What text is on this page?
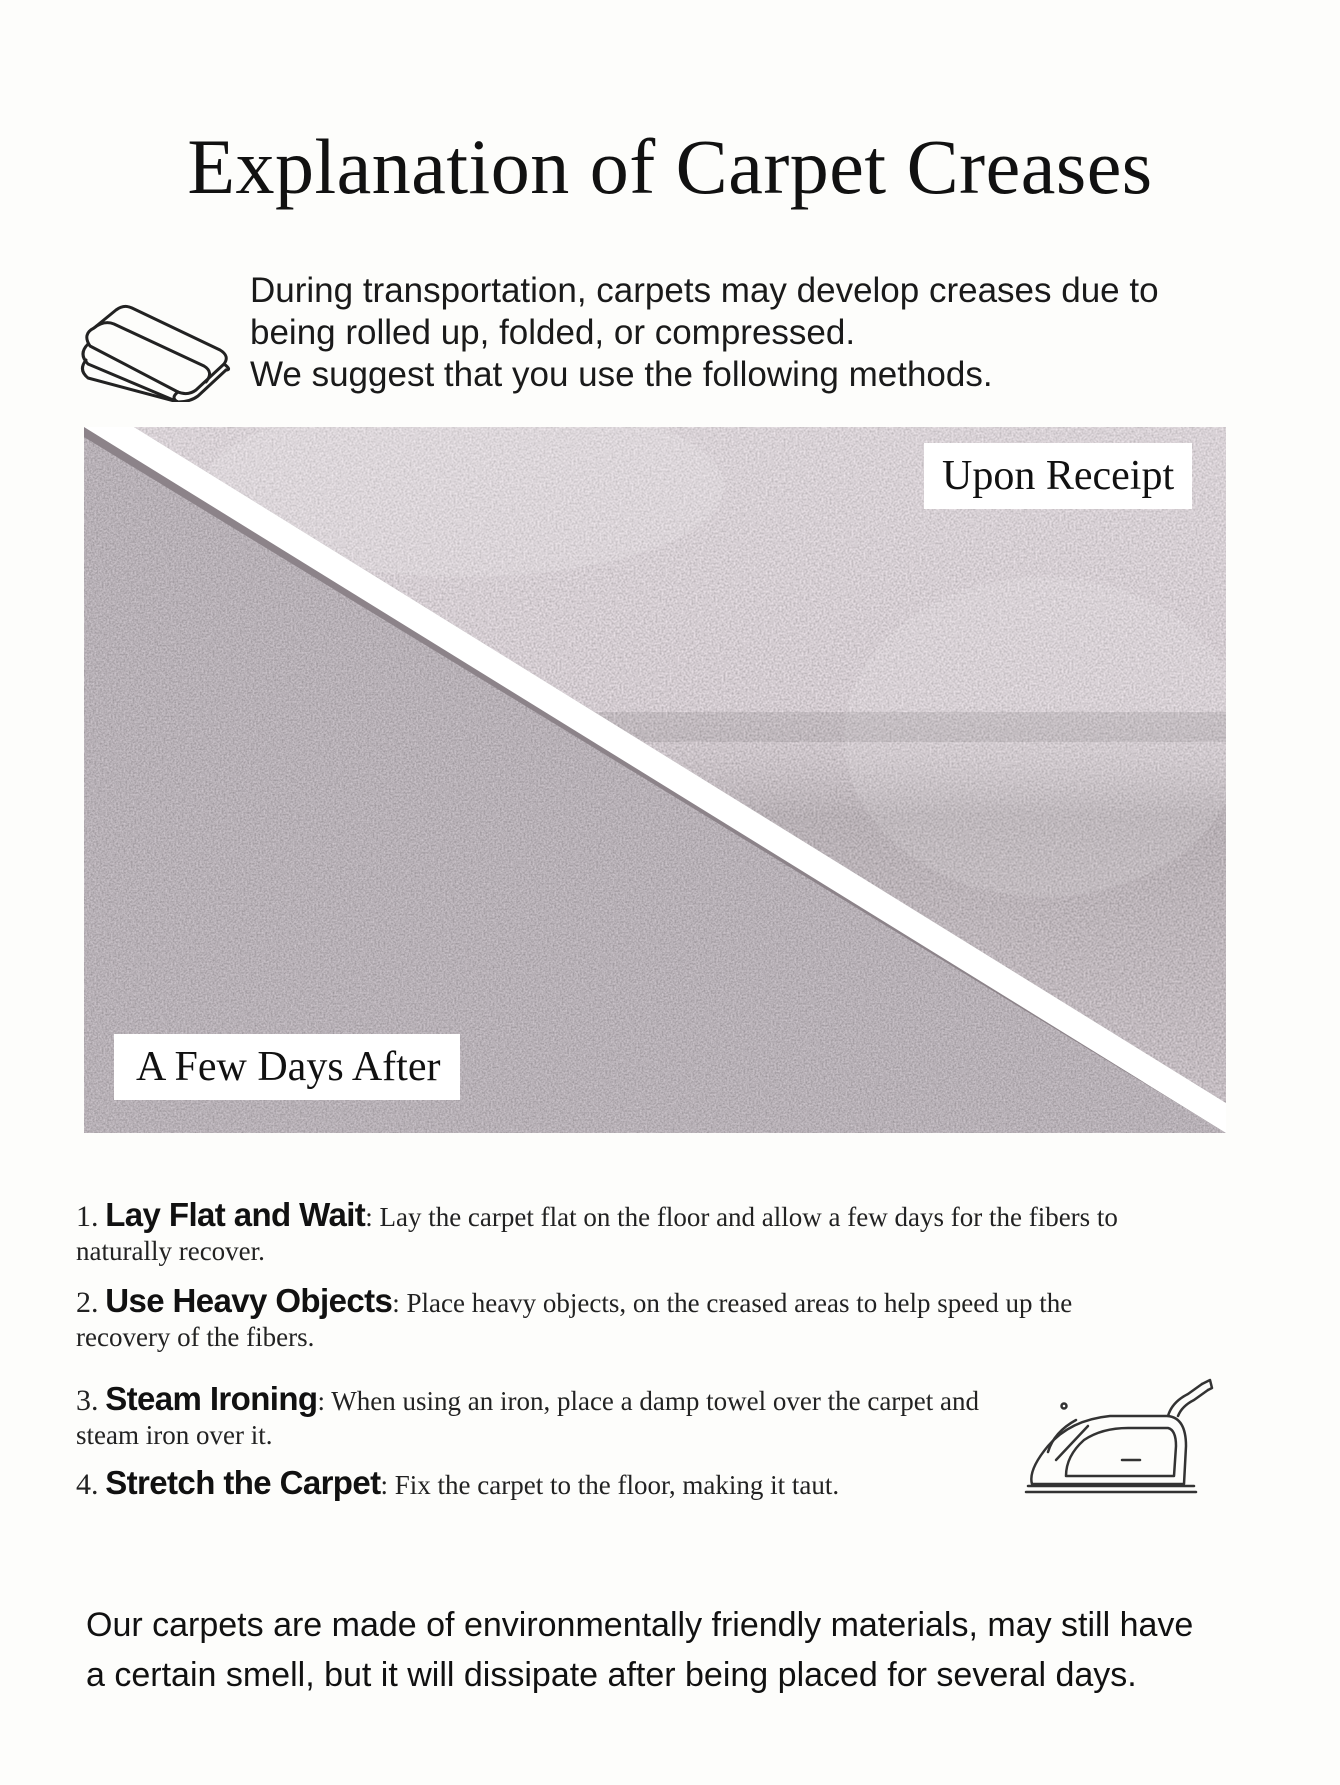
Explanation of Carpet Creases
During transportation, carpets may develop creases due to
being rolled up, folded, or compressed.
We suggest that you use the following methods.
Upon Receipt
A Few Days After

1. Lay Flat and Wait: Lay the carpet flat on the floor and allow a few days for the fibers to naturally recover.

2. Use Heavy Objects: Place heavy objects, on the creased areas to help speed up the recovery of the fibers.

3. Steam Ironing: When using an iron, place a damp towel over the carpet and steam iron over it.

4. Stretch the Carpet: Fix the carpet to the floor, making it taut.

Our carpets are made of environmentally friendly materials, may still have
a certain smell, but it will dissipate after being placed for several days.
